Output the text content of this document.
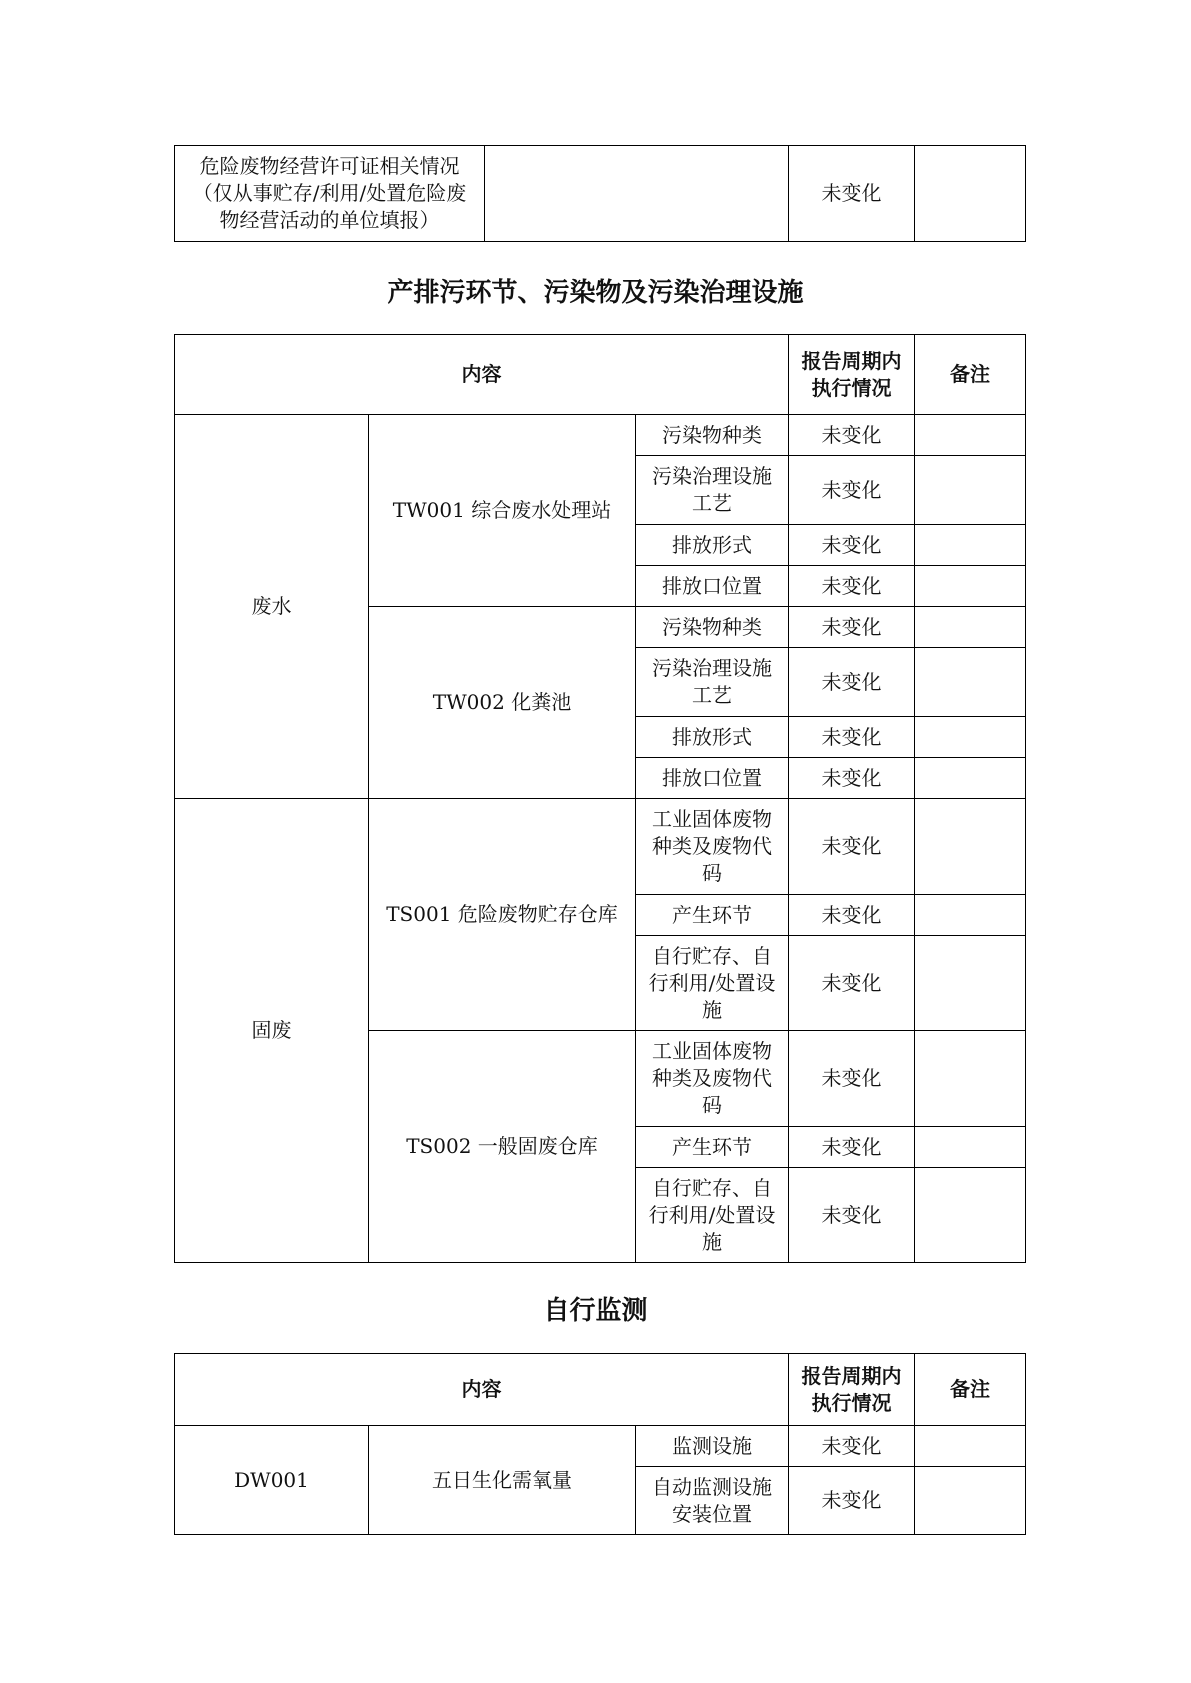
危险废物经营许可证相关情况（仅从事贮存/利用/处置危险废物经营活动的单位填报）		未变化	
产排污环节、污染物及污染治理设施
内容			报告周期内执行情况	备注
废水	TW001 综合废水处理站	污染物种类	未变化	
		污染治理设施工艺	未变化	
		排放形式	未变化	
		排放口位置	未变化	
	TW002 化粪池	污染物种类	未变化	
		污染治理设施工艺	未变化	
		排放形式	未变化	
		排放口位置	未变化	
固废	TS001 危险废物贮存仓库	工业固体废物种类及废物代码	未变化	
		产生环节	未变化	
		自行贮存、自行利用/处置设施	未变化	
	TS002 一般固废仓库	工业固体废物种类及废物代码	未变化	
		产生环节	未变化	
		自行贮存、自行利用/处置设施	未变化	
自行监测
内容			报告周期内执行情况	备注
DW001	五日生化需氧量	监测设施	未变化	
		自动监测设施安装位置	未变化	
